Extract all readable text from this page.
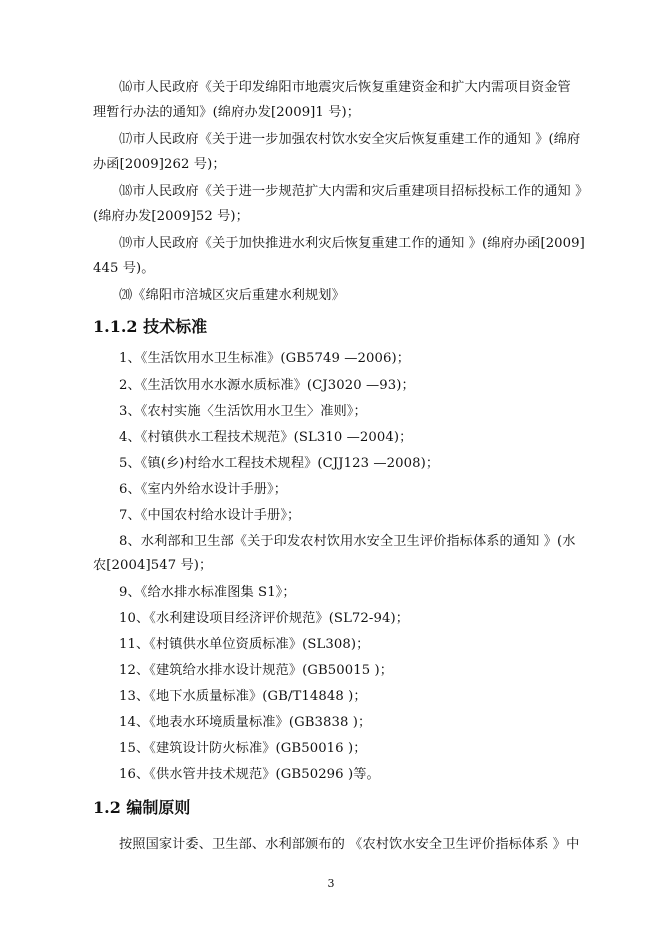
⒃市人民政府《关于印发绵阳市地震灾后恢复重建资金和扩大内需项目资金管
理暂行办法的通知》(绵府办发[2009]1 号)；
⒄市人民政府《关于进一步加强农村饮水安全灾后恢复重建工作的通知 》(绵府
办函[2009]262 号)；
⒅市人民政府《关于进一步规范扩大内需和灾后重建项目招标投标工作的通知 》
(绵府办发[2009]52 号)；
⒆市人民政府《关于加快推进水利灾后恢复重建工作的通知 》(绵府办函[2009]
445 号)。
⒇《绵阳市涪城区灾后重建水利规划》
1.1.2 技术标准
1、《生活饮用水卫生标准》(GB5749 —2006)；
2、《生活饮用水水源水质标准》(CJ3020 —93)；
3、《农村实施〈生活饮用水卫生〉准则》；
4、《村镇供水工程技术规范》(SL310 —2004)；
5、《镇(乡)村给水工程技术规程》(CJJ123 —2008)；
6、《室内外给水设计手册》；
7、《中国农村给水设计手册》；
8、水利部和卫生部《关于印发农村饮用水安全卫生评价指标体系的通知 》(水
农[2004]547 号)；
9、《给水排水标准图集 S1》；
10、《水利建设项目经济评价规范》(SL72-94)；
11、《村镇供水单位资质标准》(SL308)；
12、《建筑给水排水设计规范》(GB50015 )；
13、《地下水质量标准》(GB/T14848 )；
14、《地表水环境质量标准》(GB3838 )；
15、《建筑设计防火标准》(GB50016 )；
16、《供水管井技术规范》(GB50296 )等。
1.2 编制原则
按照国家计委、卫生部、水利部颁布的 《农村饮水安全卫生评价指标体系 》中
3
